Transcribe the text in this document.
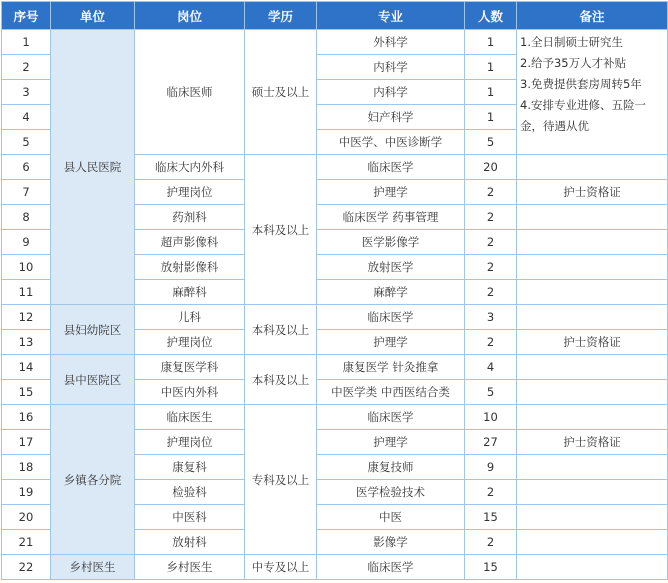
序号	单位	岗位	学历	专业	人数	备注
1	县人民医院	临床医师	硕士及以上	外科学	1	1.全日制硕士研究生
2.给予35万人才补贴
3.免费提供套房周转5年
4.安排专业进修、五险一
金，待遇从优

2				内科学	1	
3				内科学	1	
4				妇产科学	1	
5				中医学、中医诊断学	5	
6		临床大内外科	本科及以上	临床医学	20	
7		护理岗位		护理学	2	护士资格证
8		药剂科		临床医学 药事管理	2	
9		超声影像科		医学影像学	2	
10		放射影像科		放射医学	2	
11		麻醉科		麻醉学	2	
12	县妇幼院区	儿科	本科及以上	临床医学	3	
13		护理岗位		护理学	2	护士资格证
14	县中医院区	康复医学科	本科及以上	康复医学 针灸推拿	4	
15		中医内外科		中医学类 中西医结合类	5	
16	乡镇各分院	临床医生	专科及以上	临床医学	10	
17		护理岗位		护理学	27	护士资格证
18		康复科		康复技师	9	
19		检验科		医学检验技术	2	
20		中医科		中医	15	
21		放射科		影像学	2	
22	乡村医生	乡村医生	中专及以上	临床医学	15	
